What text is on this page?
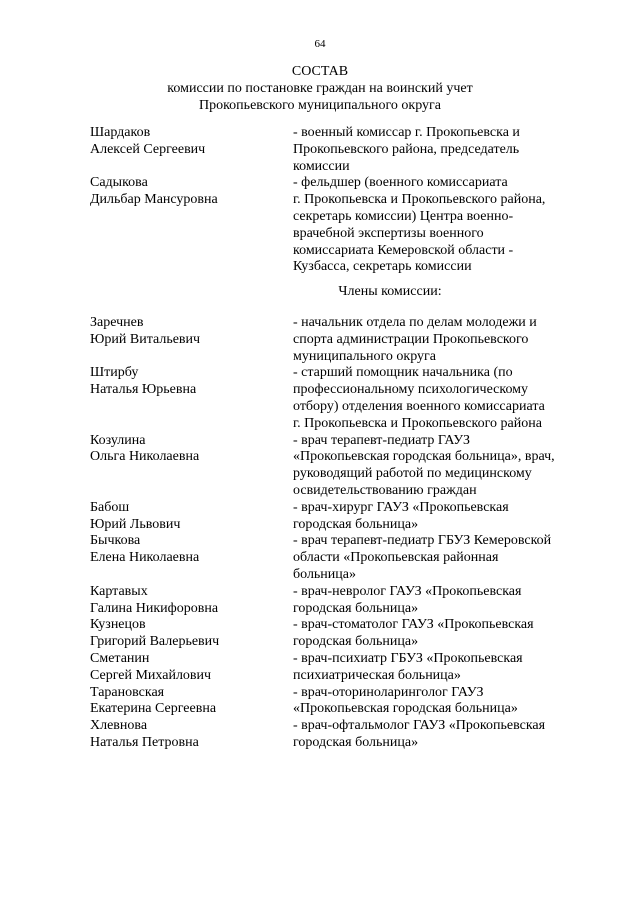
64
СОСТАВ
комиссии по постановке граждан на воинский учет
Прокопьевского муниципального округа
Шардаков
Алексей Сергеевич
- военный комиссар г. Прокопьевска и
Прокопьевского района, председатель
комиссии
Садыкова
Дильбар Мансуровна
- фельдшер (военного комиссариата
г. Прокопьевска и Прокопьевского района,
секретарь комиссии) Центра военно-
врачебной экспертизы военного
комиссариата Кемеровской области -
Кузбасса, секретарь комиссии
Члены комиссии:
Заречнев
Юрий Витальевич
- начальник отдела по делам молодежи и
спорта администрации Прокопьевского
муниципального округа
Штирбу
Наталья Юрьевна
- старший помощник начальника (по
профессиональному психологическому
отбору) отделения военного комиссариата
г. Прокопьевска и Прокопьевского района
Козулина
Ольга Николаевна
- врач терапевт-педиатр ГАУЗ
«Прокопьевская городская больница», врач,
руководящий работой по медицинскому
освидетельствованию граждан
Бабош
Юрий Львович
- врач-хирург ГАУЗ «Прокопьевская
городская больница»
Бычкова
Елена Николаевна
- врач терапевт-педиатр ГБУЗ Кемеровской
области «Прокопьевская районная
больница»
Картавых
Галина Никифоровна
- врач-невролог ГАУЗ «Прокопьевская
городская больница»
Кузнецов
Григорий Валерьевич
- врач-стоматолог ГАУЗ «Прокопьевская
городская больница»
Сметанин
Сергей Михайлович
- врач-психиатр ГБУЗ «Прокопьевская
психиатрическая больница»
Тарановская
Екатерина Сергеевна
- врач-оториноларинголог ГАУЗ
«Прокопьевская городская больница»
Хлевнова
Наталья Петровна
- врач-офтальмолог ГАУЗ «Прокопьевская
городская больница»
